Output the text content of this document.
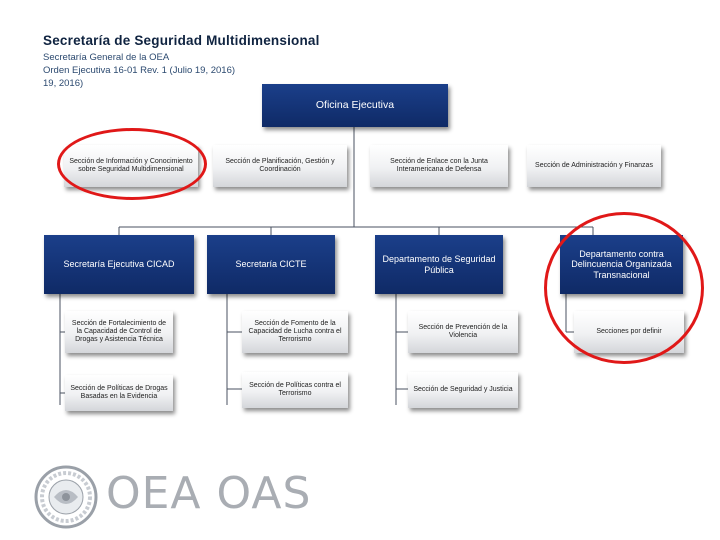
Secretaría de Seguridad Multidimensional
Secretaría General de la OEA
Orden Ejecutiva 16-01 Rev. 1 (Julio 19, 2016)
19, 2016)
Oficina Ejecutiva
Sección de Información y Conocimiento sobre Seguridad Multidimensional
Sección de Planificación, Gestión y Coordinación
Sección de Enlace con la Junta Interamericana de Defensa
Sección de Administración y Finanzas
Secretaría Ejecutiva CICAD	Secretaría CICTE
Departamento de Seguridad Pública
Departamento contra Delincuencia Organizada Transnacional
Sección de Fortalecimiento de la Capacidad de Control de Drogas y Asistencia Técnica
Sección de Políticas de Drogas Basadas en la Evidencia
Sección de Fomento de la Capacidad de Lucha contra el Terrorismo
Sección de Políticas contra el Terrorismo
Sección de Prevención de la Violencia
Sección de Seguridad y Justicia
Secciones por definir
OEA OAS
